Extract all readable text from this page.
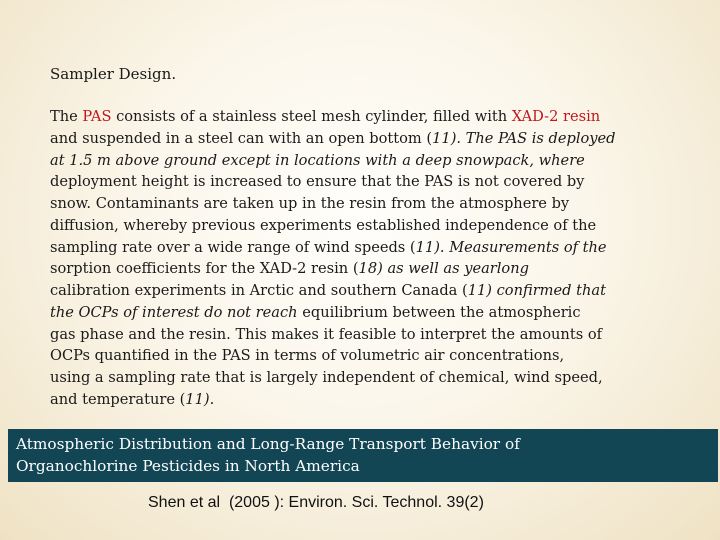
Sampler Design.
The PAS consists of a stainless steel mesh cylinder, filled with XAD-2 resin
and suspended in a steel can with an open bottom (11). The PAS is deployed
at 1.5 m above ground except in locations with a deep snowpack, where
deployment height is increased to ensure that the PAS is not covered by
snow. Contaminants are taken up in the resin from the atmosphere by
diffusion, whereby previous experiments established independence of the
sampling rate over a wide range of wind speeds (11). Measurements of the
sorption coefficients for the XAD-2 resin (18) as well as yearlong
calibration experiments in Arctic and southern Canada (11) confirmed that
the OCPs of interest do not reach equilibrium between the atmospheric
gas phase and the resin. This makes it feasible to interpret the amounts of
OCPs quantified in the PAS in terms of volumetric air concentrations,
using a sampling rate that is largely independent of chemical, wind speed,
and temperature (11).
Atmospheric Distribution and Long-Range Transport Behavior of
Organochlorine Pesticides in North America
Shen et al  (2005 ): Environ. Sci. Technol. 39(2)
